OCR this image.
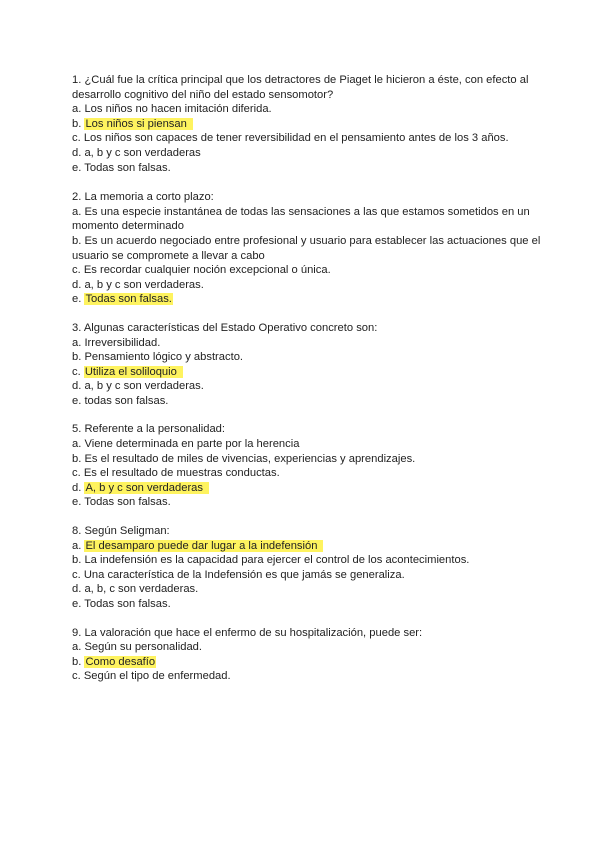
1. ¿Cuál fue la crítica principal que los detractores de Piaget le hicieron a éste, con efecto al desarrollo cognitivo del niño del estado sensomotor?
a. Los niños no hacen imitación diferida.
b. Los niños si piensan
c. Los niños son capaces de tener reversibilidad en el pensamiento antes de los 3 años.
d. a, b y c son verdaderas
e. Todas son falsas.
2. La memoria a corto plazo:
a. Es una especie instantánea de todas las sensaciones a las que estamos sometidos en un momento determinado
b. Es un acuerdo negociado entre profesional y usuario para establecer las actuaciones que el usuario se compromete a llevar a cabo
c. Es recordar cualquier noción excepcional o única.
d. a, b y c son verdaderas.
e. Todas son falsas.
3. Algunas características del Estado Operativo concreto son:
a. Irreversibilidad.
b. Pensamiento lógico y abstracto.
c. Utiliza el soliloquio
d. a, b y c son verdaderas.
e. todas son falsas.
5. Referente a la personalidad:
a. Viene determinada en parte por la herencia
b. Es el resultado de miles de vivencias, experiencias y aprendizajes.
c. Es el resultado de muestras conductas.
d. A, b y c son verdaderas
e. Todas son falsas.
8. Según Seligman:
a. El desamparo puede dar lugar a la indefensión
b. La indefensión es la capacidad para ejercer el control de los acontecimientos.
c. Una característica de la Indefensión es que jamás se generaliza.
d. a, b, c son verdaderas.
e. Todas son falsas.
9. La valoración que hace el enfermo de su hospitalización, puede ser:
a. Según su personalidad.
b. Como desafío
c. Según el tipo de enfermedad.
